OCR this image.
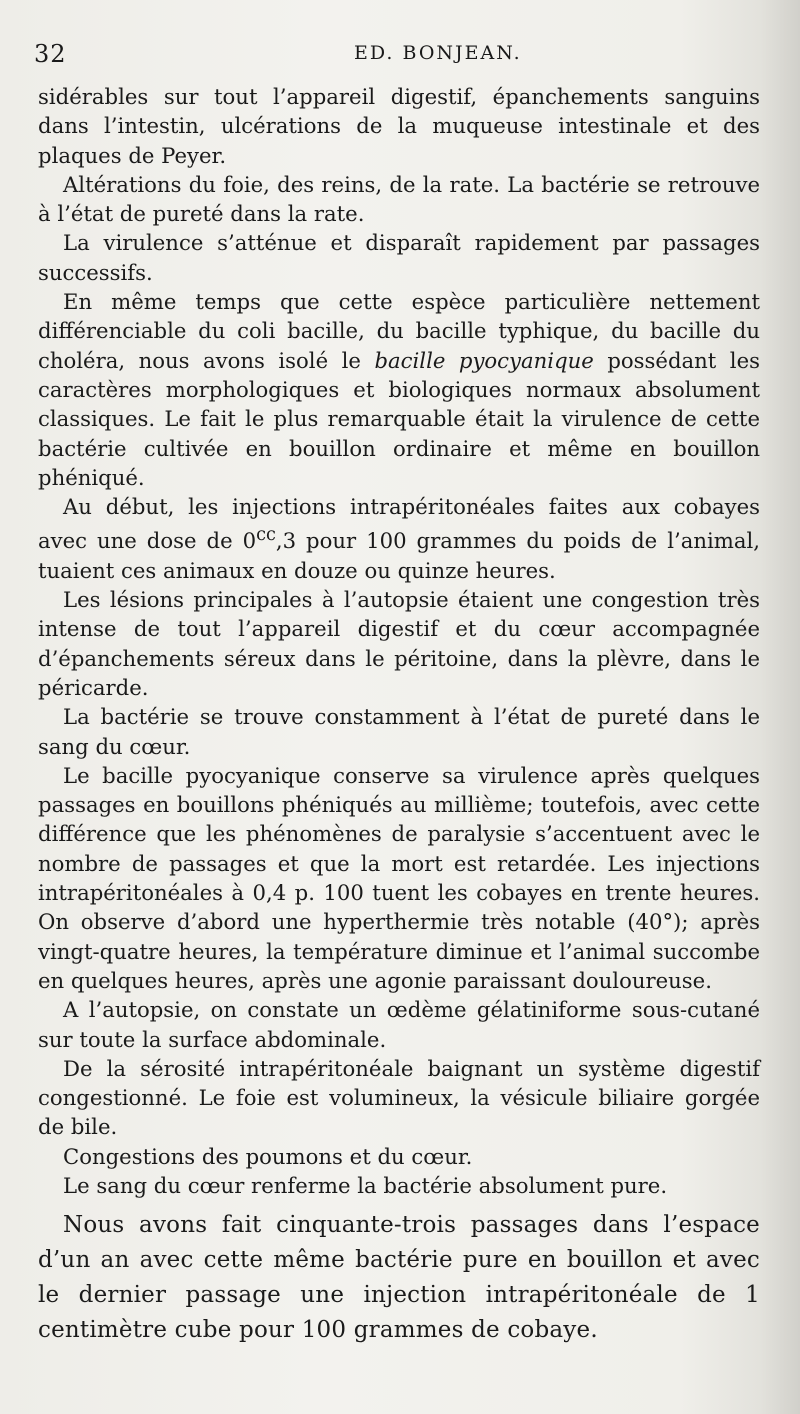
32	ED. BONJEAN.

sidérables sur tout l’appareil digestif, épanchements sanguins dans l’intestin, ulcérations de la muqueuse intestinale et des plaques de Peyer.

Altérations du foie, des reins, de la rate. La bactérie se retrouve à l’état de pureté dans la rate.

La virulence s’atténue et disparaît rapidement par passages successifs.

En même temps que cette espèce particulière nettement différenciable du coli bacille, du bacille typhique, du bacille du choléra, nous avons isolé le bacille pyocyanique possédant les caractères morphologiques et biologiques normaux absolument classiques. Le fait le plus remarquable était la virulence de cette bactérie cultivée en bouillon ordinaire et même en bouillon phéniqué.

Au début, les injections intrapéritonéales faites aux cobayes avec une dose de $0^{cc},3$ pour 100 grammes du poids de l’animal, tuaient ces animaux en douze ou quinze heures.

Les lésions principales à l’autopsie étaient une congestion très intense de tout l’appareil digestif et du cœur accompagnée d’épanchements séreux dans le péritoine, dans la plèvre, dans le péricarde.

La bactérie se trouve constamment à l’état de pureté dans le sang du cœur.

Le bacille pyocyanique conserve sa virulence après quelques passages en bouillons phéniqués au millième; toutefois, avec cette différence que les phénomènes de paralysie s’accentuent avec le nombre de passages et que la mort est retardée. Les injections intrapéritonéales à 0,4 p. 100 tuent les cobayes en trente heures. On observe d’abord une hyperthermie très notable (40°); après vingt-quatre heures, la température diminue et l’animal succombe en quelques heures, après une agonie paraissant douloureuse.

A l’autopsie, on constate un œdème gélatiniforme sous-cutané sur toute la surface abdominale.

De la sérosité intrapéritonéale baignant un système digestif congestionné. Le foie est volumineux, la vésicule biliaire gorgée de bile.

Congestions des poumons et du cœur.

Le sang du cœur renferme la bactérie absolument pure.

Nous avons fait cinquante-trois passages dans l’espace d’un an avec cette même bactérie pure en bouillon et avec le dernier passage une injection intrapéritonéale de 1 centimètre cube pour 100 grammes de cobaye.
